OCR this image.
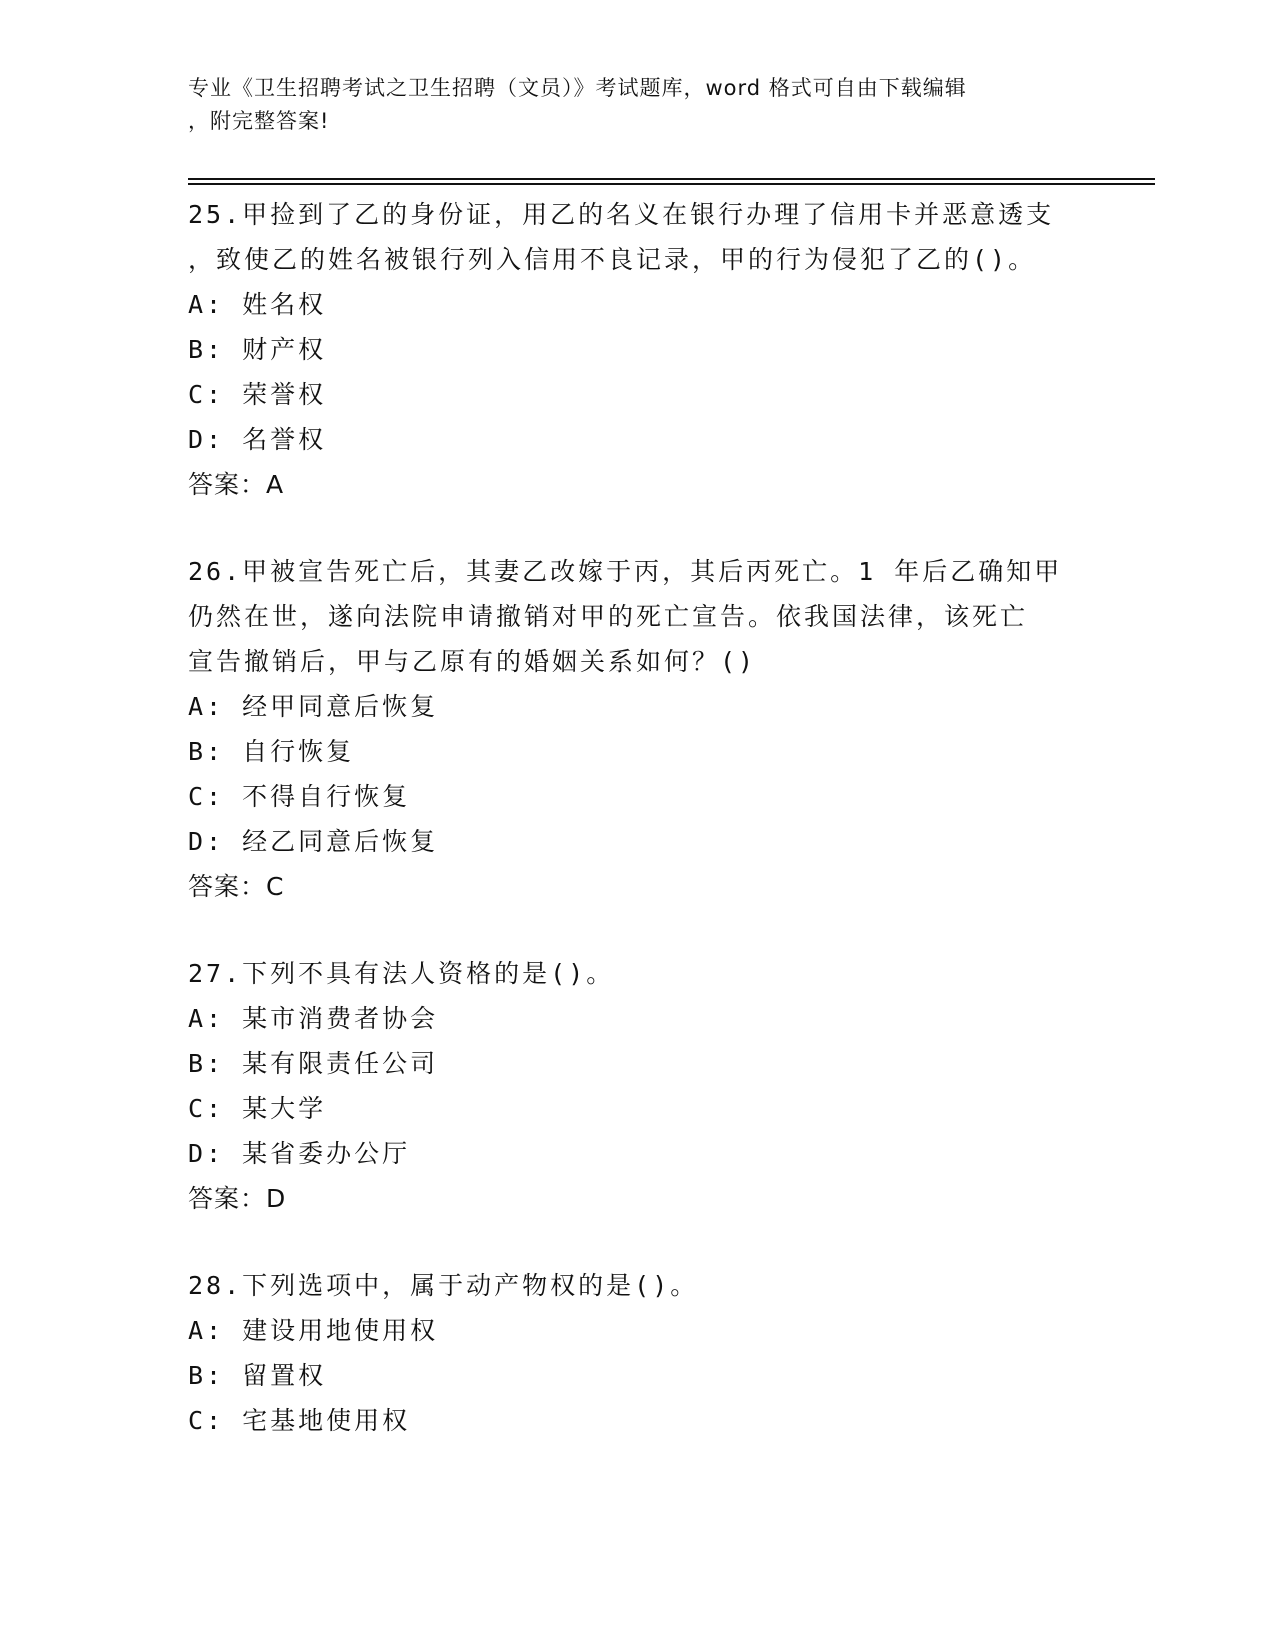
专业《卫生招聘考试之卫生招聘（文员）》考试题库，word 格式可自由下载编辑
，附完整答案!
25.甲捡到了乙的身份证，用乙的名义在银行办理了信用卡并恶意透支
，致使乙的姓名被银行列入信用不良记录，甲的行为侵犯了乙的()。
A: 姓名权
B: 财产权
C: 荣誉权
D: 名誉权
答案：A
26.甲被宣告死亡后，其妻乙改嫁于丙，其后丙死亡。1 年后乙确知甲
仍然在世，遂向法院申请撤销对甲的死亡宣告。依我国法律，该死亡
宣告撤销后，甲与乙原有的婚姻关系如何？()
A: 经甲同意后恢复
B: 自行恢复
C: 不得自行恢复
D: 经乙同意后恢复
答案：C
27.下列不具有法人资格的是()。
A: 某市消费者协会
B: 某有限责任公司
C: 某大学
D: 某省委办公厅
答案：D
28.下列选项中，属于动产物权的是()。
A: 建设用地使用权
B: 留置权
C: 宅基地使用权
